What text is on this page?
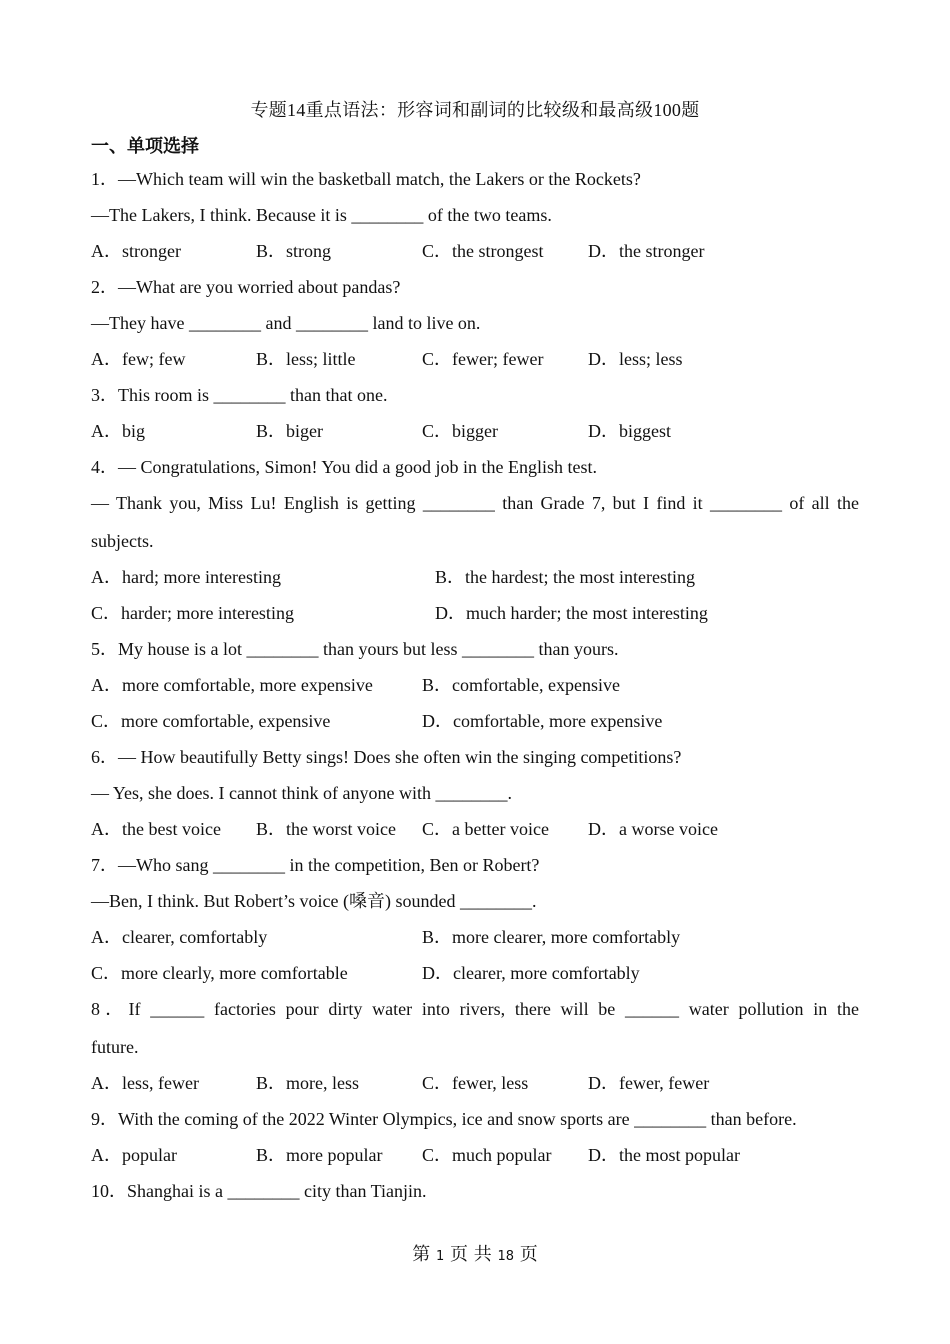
专题14重点语法：形容词和副词的比较级和最高级100题
一、单项选择
1．—Which team will win the basketball match, the Lakers or the Rockets?
—The Lakers, I think. Because it is ________ of the two teams.
A．stronger	B．strong	C．the strongest D．the stronger
2．—What are you worried about pandas?
—They have ________ and ________ land to live on.
A．few; few	B．less; little	C．fewer; fewer D．less; less
3．This room is ________ than that one.
A．big	B．biger	C．bigger	D．biggest
4．— Congratulations, Simon! You did a good job in the English test.
— Thank you, Miss Lu! English is getting ________ than Grade 7, but I find it ________ of all the
subjects.
A．hard; more interesting	B．the hardest; the most interesting
C．harder; more interesting	D．much harder; the most interesting
5．My house is a lot ________ than yours but less ________ than yours.
A．more comfortable, more expensive	B．comfortable, expensive
C．more comfortable, expensive	D．comfortable, more expensive
6．— How beautifully Betty sings! Does she often win the singing competitions?
— Yes, she does. I cannot think of anyone with ________.
A．the best voice B．the worst voice C．a better voice D．a worse voice
7．—Who sang ________ in the competition, Ben or Robert?
—Ben, I think. But Robert’s voice (嗓音) sounded ________.
A．clearer, comfortably	B．more clearer, more comfortably
C．more clearly, more comfortable	D．clearer, more comfortably
8．If ______ factories pour dirty water into rivers, there will be ______ water pollution in the
future.
A．less, fewer	B．more, less	C．fewer, less	D．fewer, fewer
9．With the coming of the 2022 Winter Olympics, ice and snow sports are ________ than before.
A．popular	B．more popular C．much popular D．the most popular
10．Shanghai is a ________ city than Tianjin.
第 1 页 共 18 页
